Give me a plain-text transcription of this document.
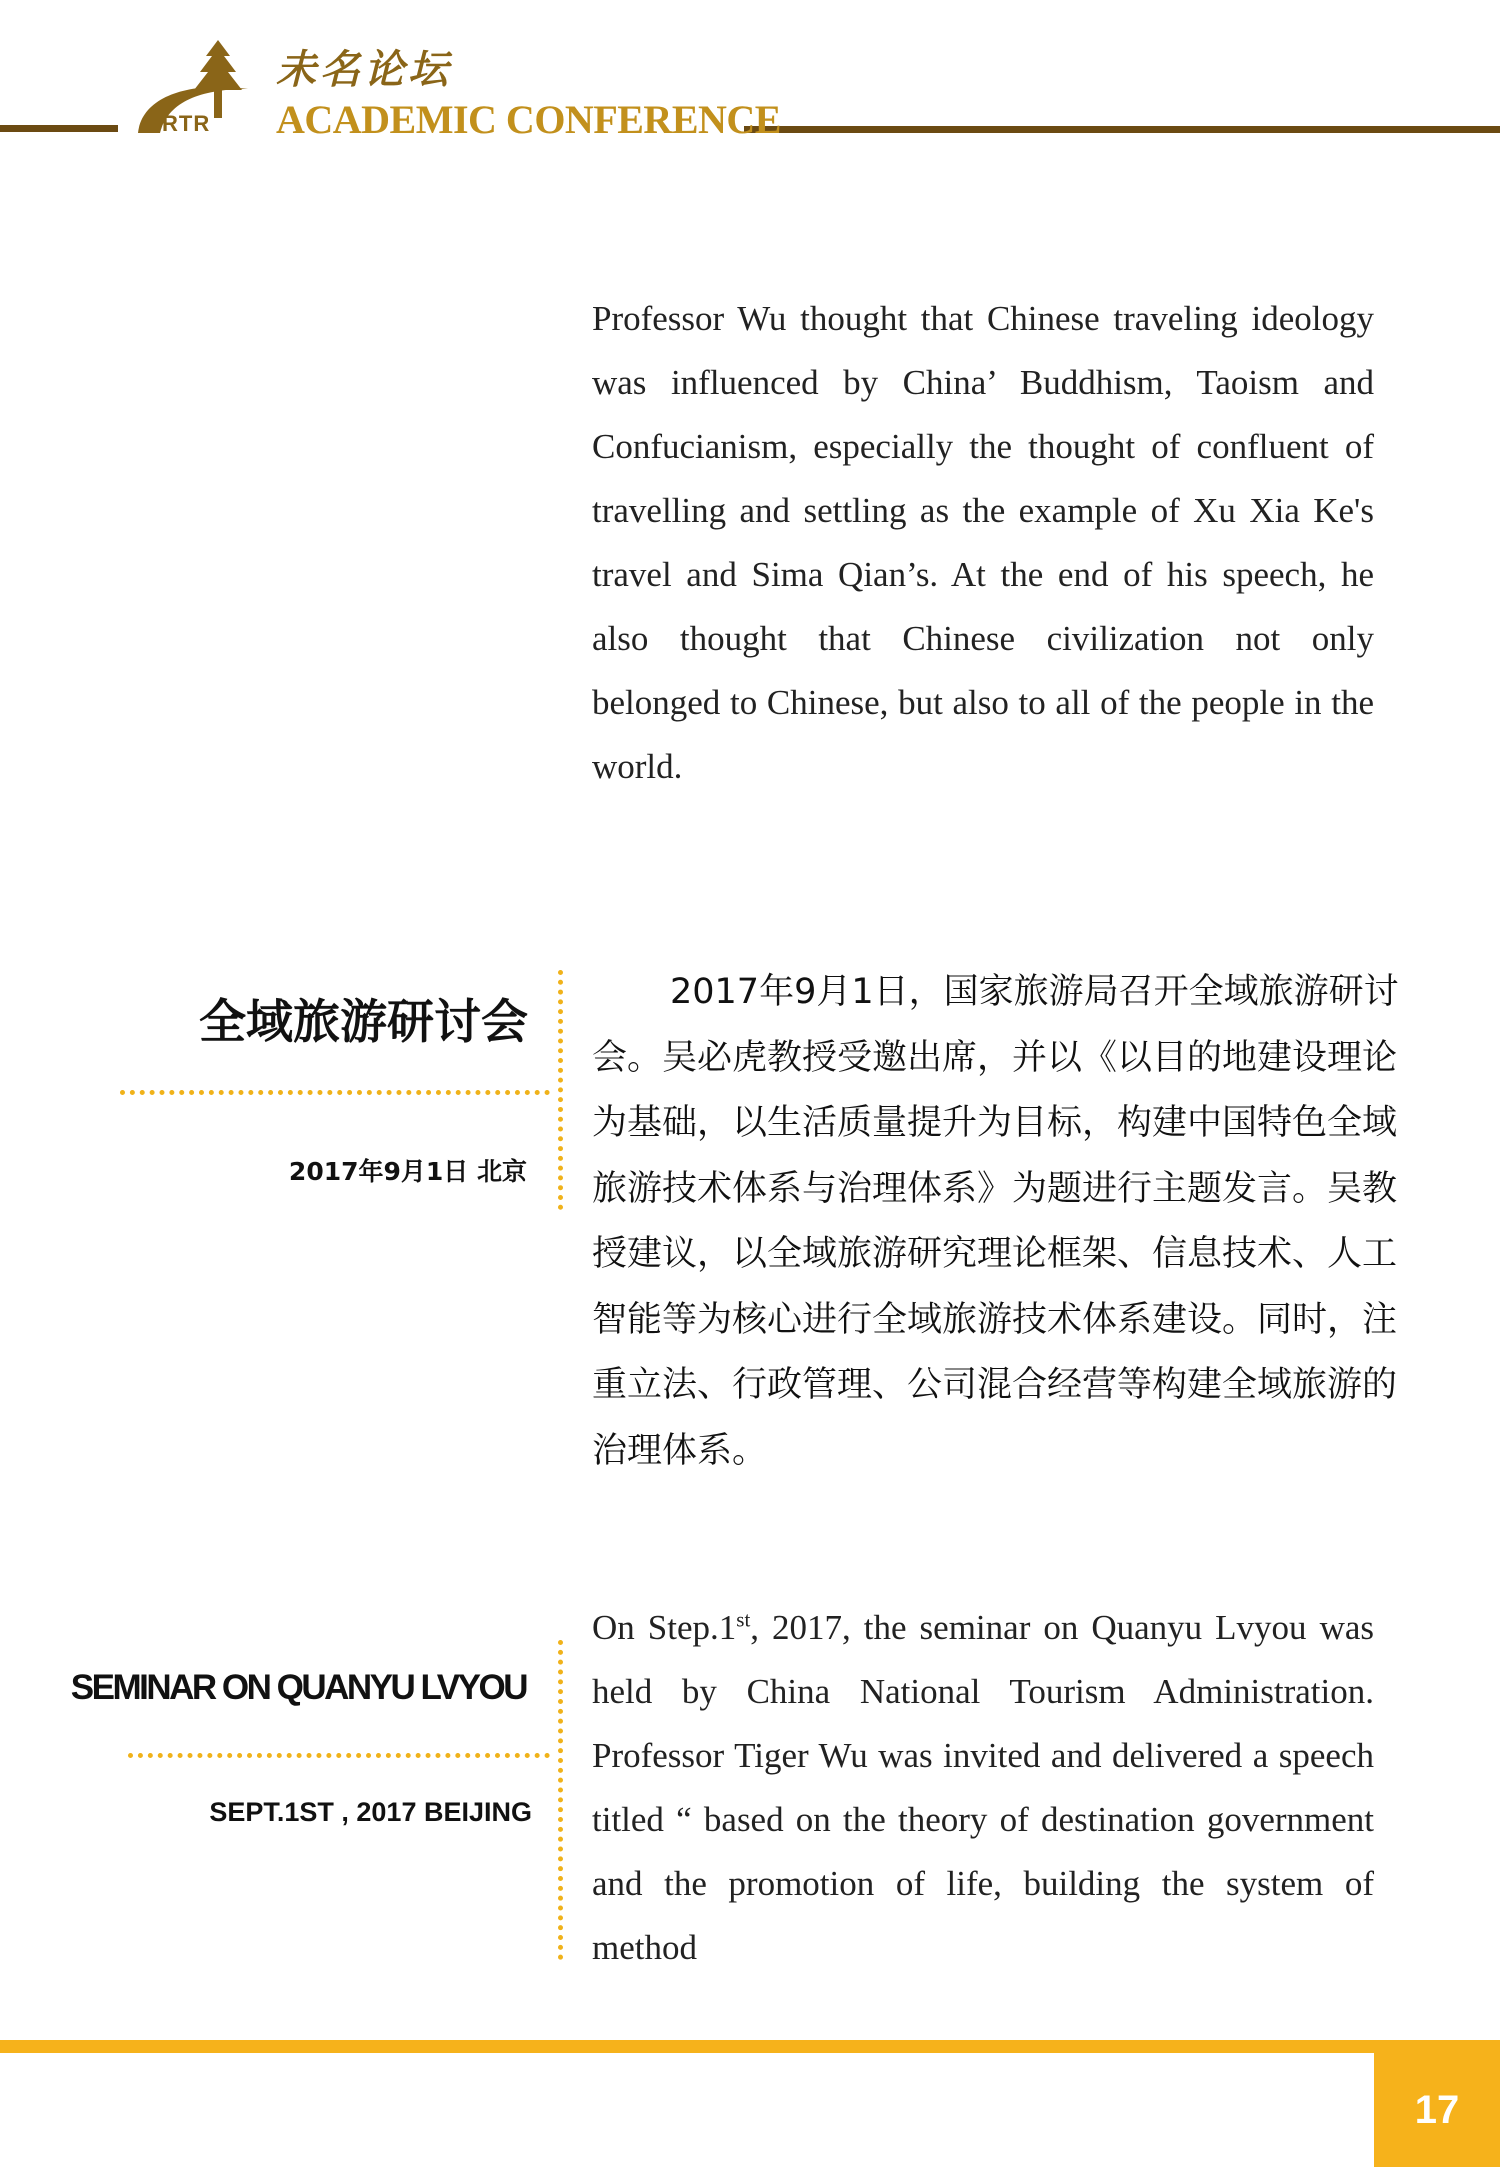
未名论坛
RTR ACADEMIC CONFERENCE

Professor Wu thought that Chinese traveling ideology was influenced by China’ Buddhism, Taoism and Confucianism, especially the thought of confluent of travelling and settling as the example of Xu Xia Ke's travel and Sima Qian’s. At the end of his speech, he also thought that Chinese civilization not only belonged to Chinese, but also to all of the people in the world.

全域旅游研讨会
2017年9月1日 北京

2017年9月1日，国家旅游局召开全域旅游研讨会。吴必虎教授受邀出席，并以《以目的地建设理论为基础，以生活质量提升为目标，构建中国特色全域旅游技术体系与治理体系》为题进行主题发言。吴教授建议，以全域旅游研究理论框架、信息技术、人工智能等为核心进行全域旅游技术体系建设。同时，注重立法、行政管理、公司混合经营等构建全域旅游的治理体系。

SEMINAR ON QUANYU LVYOU
SEPT.1ST , 2017 BEIJING

On Step.1st, 2017, the seminar on Quanyu Lvyou was held by China National Tourism Administration. Professor Tiger Wu was invited and delivered a speech titled “ based on the theory of destination government and the promotion of life, building the system of method

17
